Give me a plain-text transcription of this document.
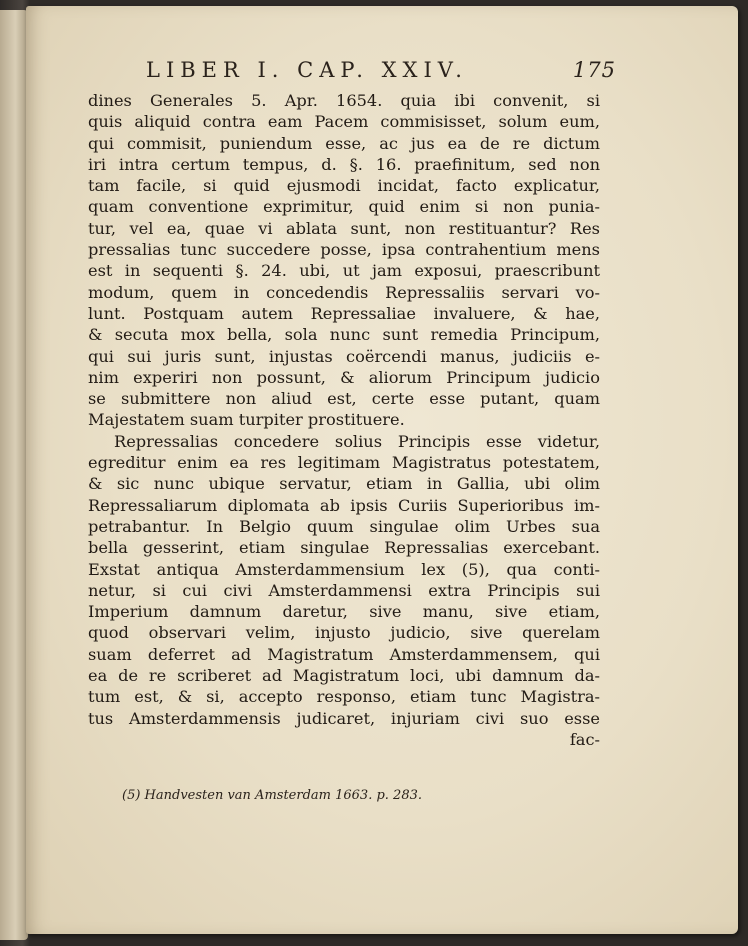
LIBER I. CAP. XXIV.	175
dines Generales 5. Apr. 1654. quia ibi convenit, si
quis aliquid contra eam Pacem commisisset, solum eum,
qui commisit, puniendum esse, ac jus ea de re dictum
iri intra certum tempus, d. §. 16. praefinitum, sed non
tam facile, si quid ejusmodi incidat, facto explicatur,
quam conventione exprimitur, quid enim si non punia-
tur, vel ea, quae vi ablata sunt, non restituantur? Res
pressalias tunc succedere posse, ipsa contrahentium mens
est in sequenti §. 24. ubi, ut jam exposui, praescribunt
modum, quem in concedendis Repressaliis servari vo-
lunt. Postquam autem Repressaliae invaluere, & hae,
& secuta mox bella, sola nunc sunt remedia Principum,
qui sui juris sunt, injustas coërcendi manus, judiciis e-
nim experiri non possunt, & aliorum Principum judicio
se submittere non aliud est, certe esse putant, quam
Majestatem suam turpiter prostituere.
Repressalias concedere solius Principis esse videtur,
egreditur enim ea res legitimam Magistratus potestatem,
& sic nunc ubique servatur, etiam in Gallia, ubi olim
Repressaliarum diplomata ab ipsis Curiis Superioribus im-
petrabantur. In Belgio quum singulae olim Urbes sua
bella gesserint, etiam singulae Repressalias exercebant.
Exstat antiqua Amsterdammensium lex (5), qua conti-
netur, si cui civi Amsterdammensi extra Principis sui
Imperium damnum daretur, sive manu, sive etiam,
quod observari velim, injusto judicio, sive querelam
suam deferret ad Magistratum Amsterdammensem, qui
ea de re scriberet ad Magistratum loci, ubi damnum da-
tum est, & si, accepto responso, etiam tunc Magistra-
tus Amsterdammensis judicaret, injuriam civi suo esse
fac-
(5) Handvesten van Amsterdam 1663. p. 283.
